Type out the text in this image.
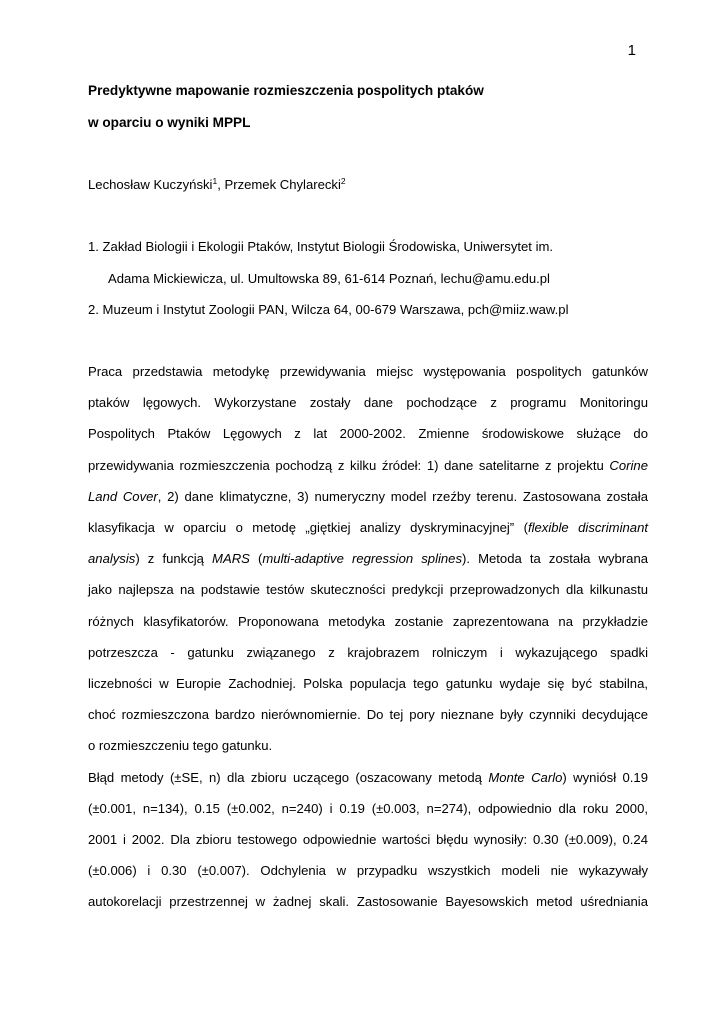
1

Predyktywne mapowanie rozmieszczenia pospolitych ptaków

w oparciu o wyniki MPPL

Lechosław Kuczyński$^1$, Przemek Chylarecki$^2$
1. Zakład Biologii i Ekologii Ptaków, Instytut Biologii Środowiska, Uniwersytet im.
Adama Mickiewicza, ul. Umultowska 89, 61-614 Poznań, lechu@amu.edu.pl
2. Muzeum i Instytut Zoologii PAN, Wilcza 64, 00-679 Warszawa, pch@miiz.waw.pl
Praca przedstawia metodykę przewidywania miejsc występowania pospolitych gatunków
ptaków lęgowych. Wykorzystane zostały dane pochodzące z programu Monitoringu
Pospolitych Ptaków Lęgowych z lat 2000-2002. Zmienne środowiskowe służące do
przewidywania rozmieszczenia pochodzą z kilku źródeł: 1) dane satelitarne z projektu Corine
Land Cover, 2) dane klimatyczne, 3) numeryczny model rzeźby terenu. Zastosowana została
klasyfikacja w oparciu o metodę „giętkiej analizy dyskryminacyjnej” (flexible discriminant
analysis) z funkcją MARS (multi-adaptive regression splines). Metoda ta została wybrana
jako najlepsza na podstawie testów skuteczności predykcji przeprowadzonych dla kilkunastu
różnych klasyfikatorów. Proponowana metodyka zostanie zaprezentowana na przykładzie
potrzeszcza - gatunku związanego z krajobrazem rolniczym i wykazującego spadki
liczebności w Europie Zachodniej. Polska populacja tego gatunku wydaje się być stabilna,
choć rozmieszczona bardzo nierównomiernie. Do tej pory nieznane były czynniki decydujące
o rozmieszczeniu tego gatunku.
Błąd metody (±SE, n) dla zbioru uczącego (oszacowany metodą Monte Carlo) wyniósł 0.19
(±0.001, n=134), 0.15 (±0.002, n=240) i 0.19 (±0.003, n=274), odpowiednio dla roku 2000,
2001 i 2002. Dla zbioru testowego odpowiednie wartości błędu wynosiły: 0.30 (±0.009), 0.24
(±0.006) i 0.30 (±0.007). Odchylenia w przypadku wszystkich modeli nie wykazywały
autokorelacji przestrzennej w żadnej skali. Zastosowanie Bayesowskich metod uśredniania
